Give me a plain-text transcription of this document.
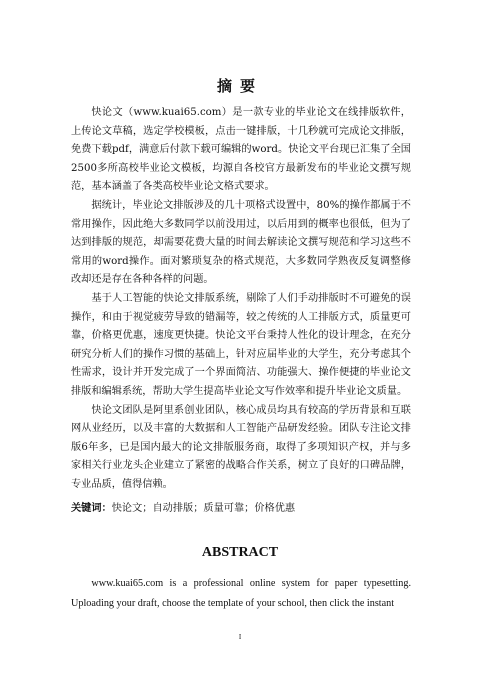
摘要

快论文（www.kuai65.com）是一款专业的毕业论文在线排版软件，上传论文草稿，选定学校模板，点击一键排版，十几秒就可完成论文排版，免费下载pdf，满意后付款下载可编辑的word。快论文平台现已汇集了全国2500多所高校毕业论文模板，均源自各校官方最新发布的毕业论文撰写规范，基本涵盖了各类高校毕业论文格式要求。

据统计，毕业论文排版涉及的几十项格式设置中，80%的操作都属于不常用操作，因此绝大多数同学以前没用过，以后用到的概率也很低，但为了达到排版的规范，却需要花费大量的时间去解读论文撰写规范和学习这些不常用的word操作。面对繁琐复杂的格式规范，大多数同学熟夜反复调整修改却还是存在各种各样的问题。

基于人工智能的快论文排版系统，剔除了人们手动排版时不可避免的误操作，和由于视觉疲劳导致的错漏等，较之传统的人工排版方式，质量更可靠，价格更优惠，速度更快捷。快论文平台秉持人性化的设计理念，在充分研究分析人们的操作习惯的基础上，针对应届毕业的大学生，充分考虑其个性需求，设计并开发完成了一个界面简洁、功能强大、操作便捷的毕业论文排版和编辑系统，帮助大学生提高毕业论文写作效率和提升毕业论文质量。

快论文团队是阿里系创业团队，核心成员均具有较高的学历背景和互联网从业经历，以及丰富的大数据和人工智能产品研发经验。团队专注论文排版6年多，已是国内最大的论文排版服务商，取得了多项知识产权，并与多家相关行业龙头企业建立了紧密的战略合作关系，树立了良好的口碑品牌，专业品质，值得信赖。

关键词：快论文；自动排版；质量可靠；价格优惠
ABSTRACT

www.kuai65.com is a professional online system for paper typesetting. Uploading your draft, choose the template of your school, then click the instant

I
